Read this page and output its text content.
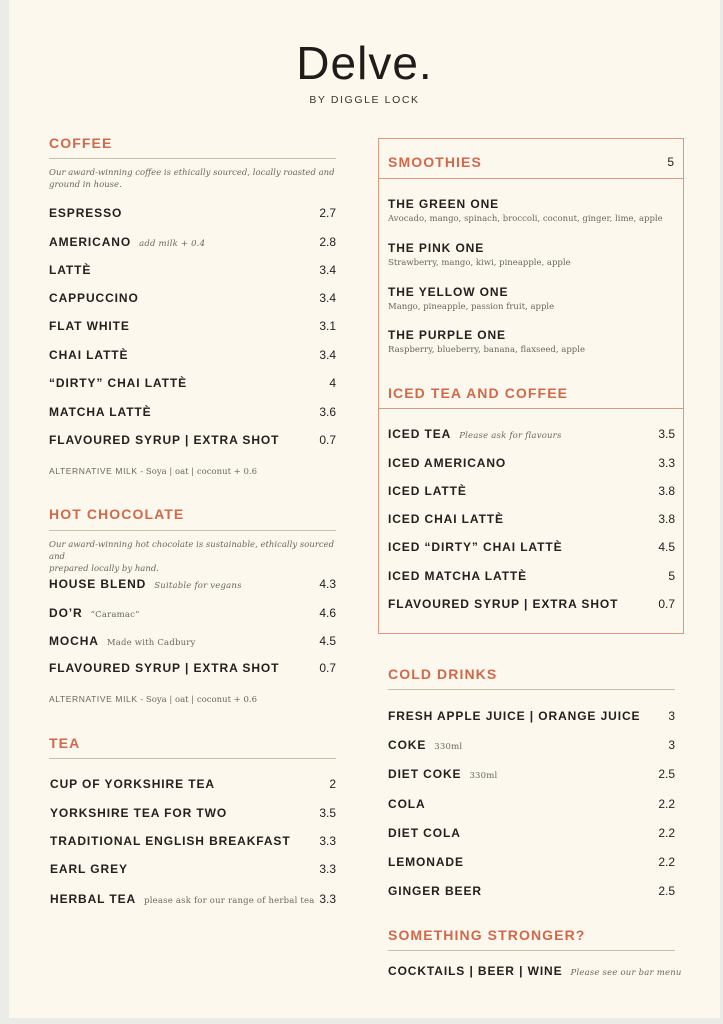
Delve.
BY DIGGLE LOCK
COFFEE
Our award-winning coffee is ethically sourced, locally roasted and
ground in house.
ESPRESSO	2.7
AMERICANO add milk + 0.4	2.8
LATTÈ	3.4
CAPPUCCINO	3.4
FLAT WHITE	3.1
CHAI LATTÈ	3.4
“DIRTY” CHAI LATTÈ	4
MATCHA LATTÈ	3.6
FLAVOURED SYRUP | EXTRA SHOT	0.7
ALTERNATIVE MILK - Soya | oat | coconut + 0.6
HOT CHOCOLATE
Our award-winning hot chocolate is sustainable, ethically sourced and
prepared locally by hand.
HOUSE BLEND Suitable for vegans	4.3
DO’R “Caramac”	4.6
MOCHA Made with Cadbury	4.5
FLAVOURED SYRUP | EXTRA SHOT	0.7
ALTERNATIVE MILK - Soya | oat | coconut + 0.6
TEA
CUP OF YORKSHIRE TEA	2
YORKSHIRE TEA FOR TWO	3.5
TRADITIONAL ENGLISH BREAKFAST 3.3
EARL GREY	3.3
HERBAL TEA please ask for our range of herbal tea 3.3
SMOOTHIES	5
THE GREEN ONE
Avocado, mango, spinach, broccoli, coconut, ginger, lime, apple
THE PINK ONE
Strawberry, mango, kiwi, pineapple, apple
THE YELLOW ONE
Mango, pineapple, passion fruit, apple
THE PURPLE ONE
Raspberry, blueberry, banana, flaxseed, apple
ICED TEA AND COFFEE
ICED TEA Please ask for flavours	3.5
ICED AMERICANO	3.3
ICED LATTÈ	3.8
ICED CHAI LATTÈ	3.8
ICED “DIRTY” CHAI LATTÈ	4.5
ICED MATCHA LATTÈ	5
FLAVOURED SYRUP | EXTRA SHOT	0.7
COLD DRINKS
FRESH APPLE JUICE | ORANGE JUICE 3
COKE 330ml	3
DIET COKE 330ml	2.5
COLA	2.2
DIET COLA	2.2
LEMONADE	2.2
GINGER BEER	2.5
SOMETHING STRONGER?
COCKTAILS | BEER | WINE Please see our bar menu
